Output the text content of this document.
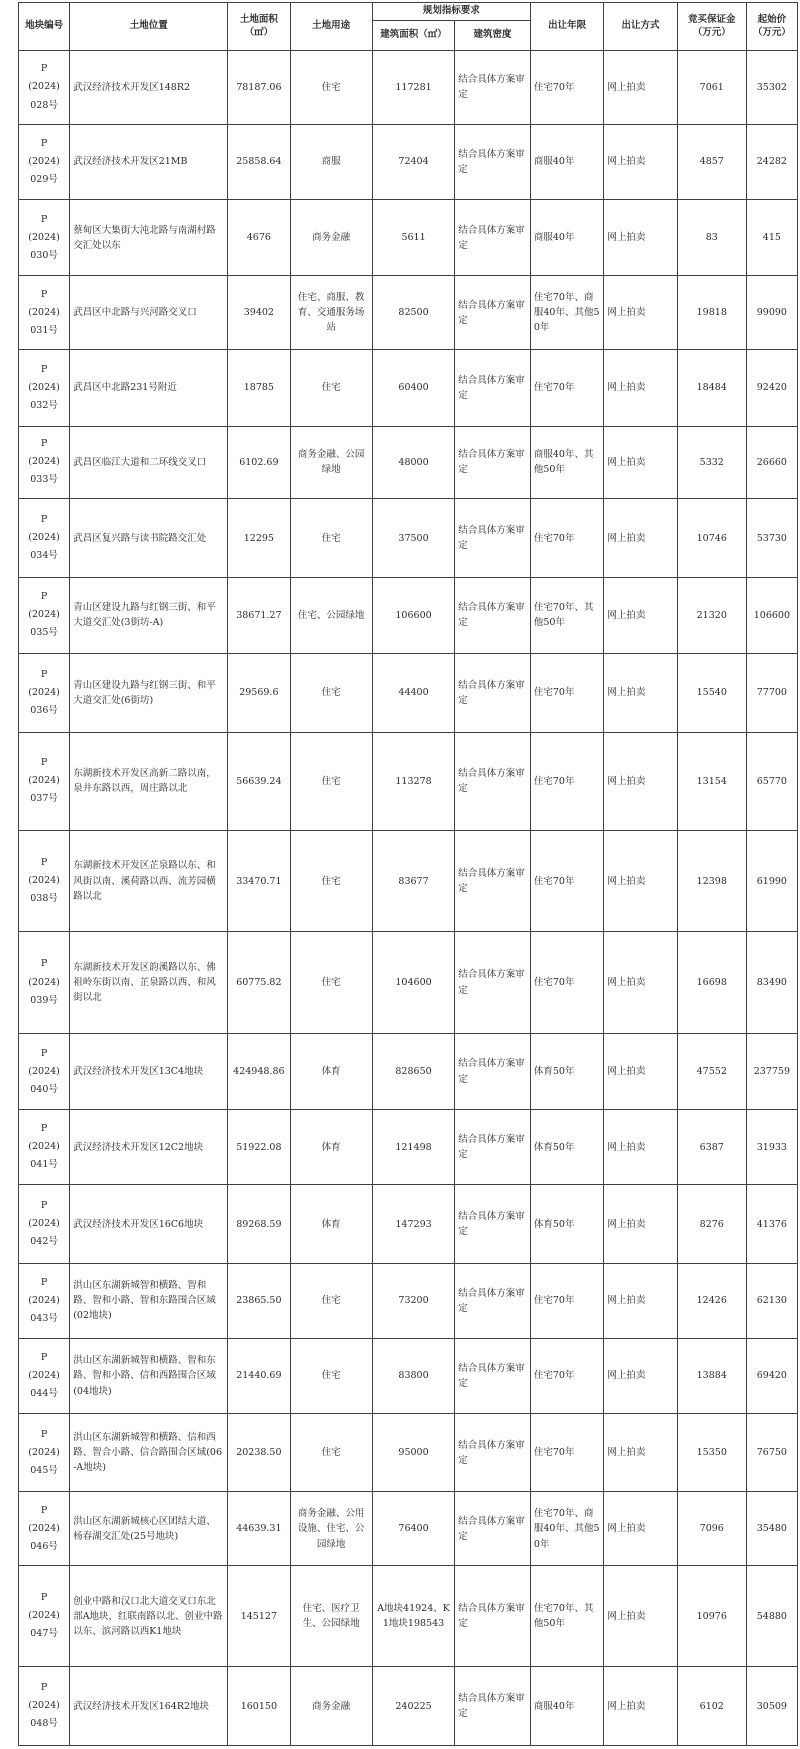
地块编号	土地位置	土地面积（㎡）	土地用途	规划指标要求		出让年限	出让方式	竞买保证金（万元）	起始价（万元）
				建筑面积（㎡）	建筑密度				

P
(2024)
028号	武汉经济技术开发区148R2	78187.06	住宅	117281	结合具体方案审定	住宅70年	网上拍卖	7061	35302

P
(2024)
029号	武汉经济技术开发区21MB	25858.64	商服	72404	结合具体方案审定	商服40年	网上拍卖	4857	24282

P
(2024)
030号	蔡甸区大集街大沌北路与南湖村路交汇处以东	4676	商务金融	5611	结合具体方案审定	商服40年	网上拍卖	83	415

P
(2024)
031号	武昌区中北路与兴河路交叉口	39402	住宅、商服、教育、交通服务场站	82500	结合具体方案审定	住宅70年、商服40年、其他50年	网上拍卖	19818	99090

P
(2024)
032号	武昌区中北路231号附近	18785	住宅	60400	结合具体方案审定	住宅70年	网上拍卖	18484	92420

P
(2024)
033号	武昌区临江大道和二环线交叉口	6102.69	商务金融、公园绿地	48000	结合具体方案审定	商服40年、其他50年	网上拍卖	5332	26660

P
(2024)
034号	武昌区复兴路与读书院路交汇处	12295	住宅	37500	结合具体方案审定	住宅70年	网上拍卖	10746	53730

P
(2024)
035号	青山区建设九路与红钢三街、和平大道交汇处(3街坊-A)	38671.27	住宅、公园绿地	106600	结合具体方案审定	住宅70年、其他50年	网上拍卖	21320	106600

P
(2024)
036号	青山区建设九路与红钢三街、和平大道交汇处(6街坊)	29569.6	住宅	44400	结合具体方案审定	住宅70年	网上拍卖	15540	77700

P
(2024)
037号	东湖新技术开发区高新二路以南，泉井东路以西，周庄路以北	56639.24	住宅	113278	结合具体方案审定	住宅70年	网上拍卖	13154	65770

P
(2024)
038号	东湖新技术开发区芷泉路以东、和风街以南、溪荷路以西、流芳园横路以北	33470.71	住宅	83677	结合具体方案审定	住宅70年	网上拍卖	12398	61990

P
(2024)
039号	东湖新技术开发区韵溪路以东、佛祖岭东街以南、芷泉路以西、和风街以北	60775.82	住宅	104600	结合具体方案审定	住宅70年	网上拍卖	16698	83490

P
(2024)
040号	武汉经济技术开发区13C4地块	424948.86	体育	828650	结合具体方案审定	体育50年	网上拍卖	47552	237759

P
(2024)
041号	武汉经济技术开发区12C2地块	51922.08	体育	121498	结合具体方案审定	体育50年	网上拍卖	6387	31933

P
(2024)
042号	武汉经济技术开发区16C6地块	89268.59	体育	147293	结合具体方案审定	体育50年	网上拍卖	8276	41376

P
(2024)
043号	洪山区东湖新城智和横路、智和路、智和小路、智和东路围合区域(02地块)	23865.50	住宅	73200	结合具体方案审定	住宅70年	网上拍卖	12426	62130

P
(2024)
044号	洪山区东湖新城智和横路、智和东路、智和小路、信和西路围合区域(04地块)	21440.69	住宅	83800	结合具体方案审定	住宅70年	网上拍卖	13884	69420

P
(2024)
045号	洪山区东湖新城智和横路、信和西路、智合小路、信合路围合区域(06-A地块)	20238.50	住宅	95000	结合具体方案审定	住宅70年	网上拍卖	15350	76750

P
(2024)
046号	洪山区东湖新城核心区团结大道、杨春湖交汇处(25号地块)	44639.31	商务金融、公用设施、住宅、公园绿地	76400	结合具体方案审定	住宅70年、商服40年、其他50年	网上拍卖	7096	35480

P
(2024)
047号	创业中路和汉口北大道交叉口东北部A地块，红联南路以北、创业中路以东、滨河路以西K1地块	145127	住宅、医疗卫生、公园绿地	A地块41924、K1地块198543	结合具体方案审定	住宅70年、其他50年	网上拍卖	10976	54880

P
(2024)
048号	武汉经济技术开发区164R2地块	160150	商务金融	240225	结合具体方案审定	商服40年	网上拍卖	6102	30509
